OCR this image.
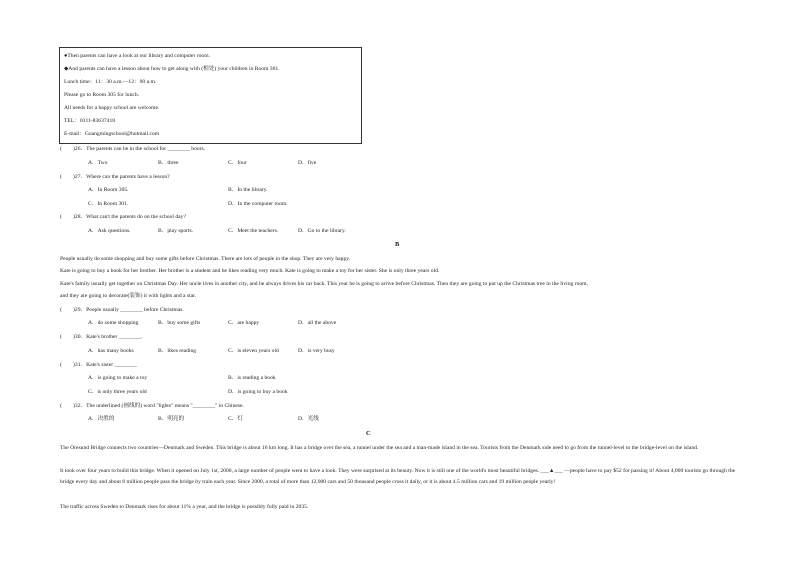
●Then parents can have a look at our library and computer room.
◆And parents can have a lesson about how to get along with (相处) your children in Room 301.
Lunch time：11：30 a.m.—12：00 a.m.
Please go to Room 305 for lunch.
All needs for a happy school are welcome.
TEL：0311-83637418
E-mail：Guangmingschool@hotmail.com
(　　)26．The parents can be in the school for ________ hours.
A．Two	B．three	C．four	D．five
(　　)27．Where can the parents have a lesson?
A．In Room 305.	B．In the library.
C．In Room 301.	D．In the computer room.
(　　)28．What can't the parents do on the school day?
A．Ask questions.	B．play sports.	C．Meet the teachers.	D．Go to the library.
B
People usually do some shopping and buy some gifts before Christmas. There are lots of people in the shop. They are very happy.
Kate is going to buy a book for her brother. Her brother is a student and he likes reading very much. Kate is going to make a toy for her sister. She is only three years old.
Kate's family usually get together on Christmas Day. Her uncle lives in another city, and he always drives his car back. This year he is going to arrive before Christmas. Then they are going to put up the Christmas tree in the living room,
and they are going to decorate(装饰) it with lights and a star.
(　　)29．People usually ________ before Christmas.
A．do some shopping	B．buy some gifts	C．are happy	D．all the above
(　　)30．Kate's brother ________.
A．has many books	B．likes reading	C．is eleven years old	D．is very busy
(　　)31．Kate's sister ________
A．is going to make a toy	B．is reading a book
C．is only three years old	D．is going to buy a book
(　　)32．The underlined (画线的) word "lights" means "________" in Chinese.
A．决胜的	B．明亮的	C．灯	D．光线
C
The Oresund Bridge connects two countries—Denmark and Sweden. This bridge is about 16 km long. It has a bridge over the sea, a tunnel under the sea and a man-made island in the sea. Tourists from the Denmark side need to go from the tunnel-level to the bridge-level on the island.
It took over four years to build this bridge. When it opened on July 1st, 2000, a large number of people went to have a look. They were surprised at its beauty. Now it is still one of the world's most beautiful bridges. ___▲___ —people have to pay $52 for passing it! About 4,000 tourists go through the bridge every day and about 8 million people pass the bridge by train each year. Since 2000, a total of more than 12,000 cars and 50 thousand people cross it daily, or it is about 4.5 million cars and 19 million people yearly!
The traffic across Sweden to Denmark rises for about 11% a year, and the bridge is possibly fully paid in 2035.
